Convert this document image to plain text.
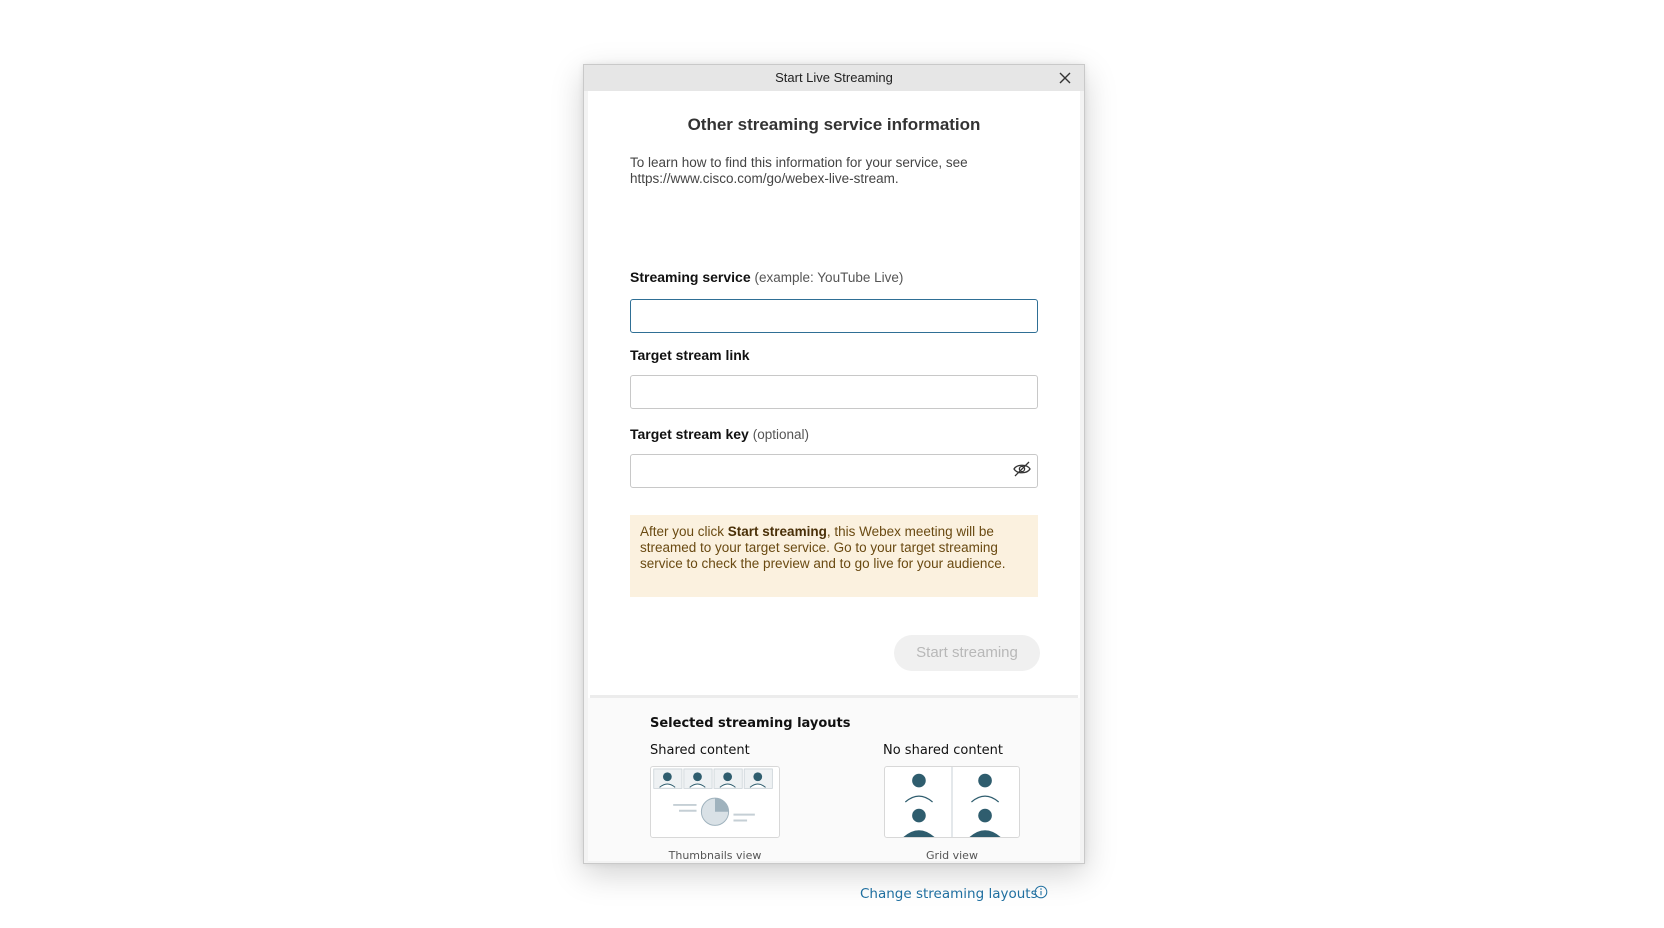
Start Live Streaming
Other streaming service information
To learn how to find this information for your service, see https://www.cisco.com/go/webex-live-stream.
Streaming service (example: YouTube Live)
Target stream link
Target stream key (optional)
After you click Start streaming, this Webex meeting will be streamed to your target service. Go to your target streaming service to check the preview and to go live for your audience.
Start streaming
Selected streaming layouts
Shared content
Thumbnails view
No shared content
Grid view
Change streaming layouts
